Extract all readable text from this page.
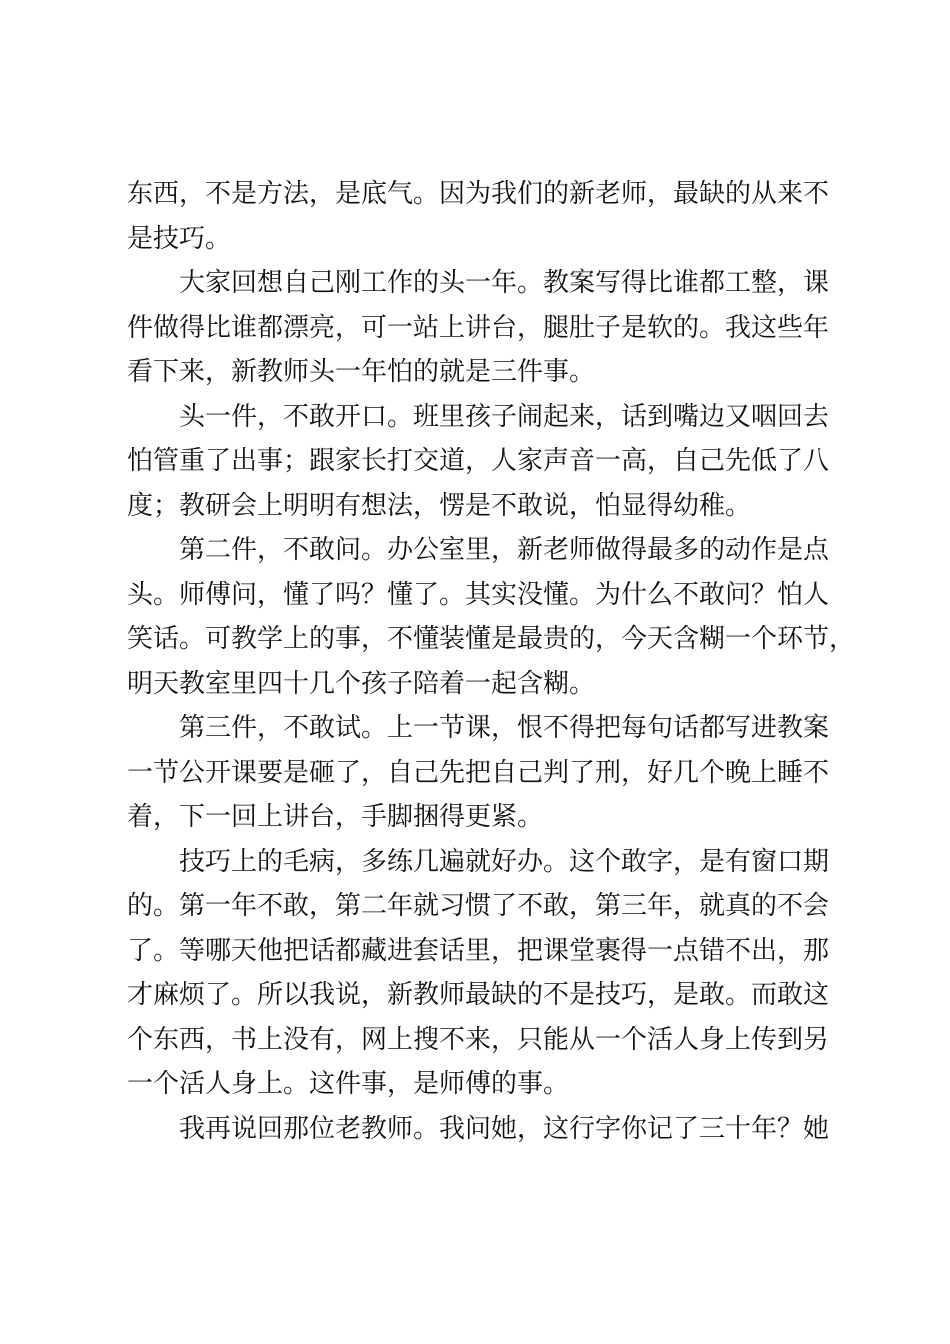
东西，不是方法，是底气。因为我们的新老师，最缺的从来不
是技巧。
大家回想自己刚工作的头一年。教案写得比谁都工整，课
件做得比谁都漂亮，可一站上讲台，腿肚子是软的。我这些年
看下来，新教师头一年怕的就是三件事。
头一件，不敢开口。班里孩子闹起来，话到嘴边又咽回去
怕管重了出事；跟家长打交道，人家声音一高，自己先低了八
度；教研会上明明有想法，愣是不敢说，怕显得幼稚。
第二件，不敢问。办公室里，新老师做得最多的动作是点
头。师傅问，懂了吗？懂了。其实没懂。为什么不敢问？怕人
笑话。可教学上的事，不懂装懂是最贵的，今天含糊一个环节，
明天教室里四十几个孩子陪着一起含糊。
第三件，不敢试。上一节课，恨不得把每句话都写进教案
一节公开课要是砸了，自己先把自己判了刑，好几个晚上睡不
着，下一回上讲台，手脚捆得更紧。
技巧上的毛病，多练几遍就好办。这个敢字，是有窗口期
的。第一年不敢，第二年就习惯了不敢，第三年，就真的不会
了。等哪天他把话都藏进套话里，把课堂裹得一点错不出，那
才麻烦了。所以我说，新教师最缺的不是技巧，是敢。而敢这
个东西，书上没有，网上搜不来，只能从一个活人身上传到另
一个活人身上。这件事，是师傅的事。
我再说回那位老教师。我问她，这行字你记了三十年？她
